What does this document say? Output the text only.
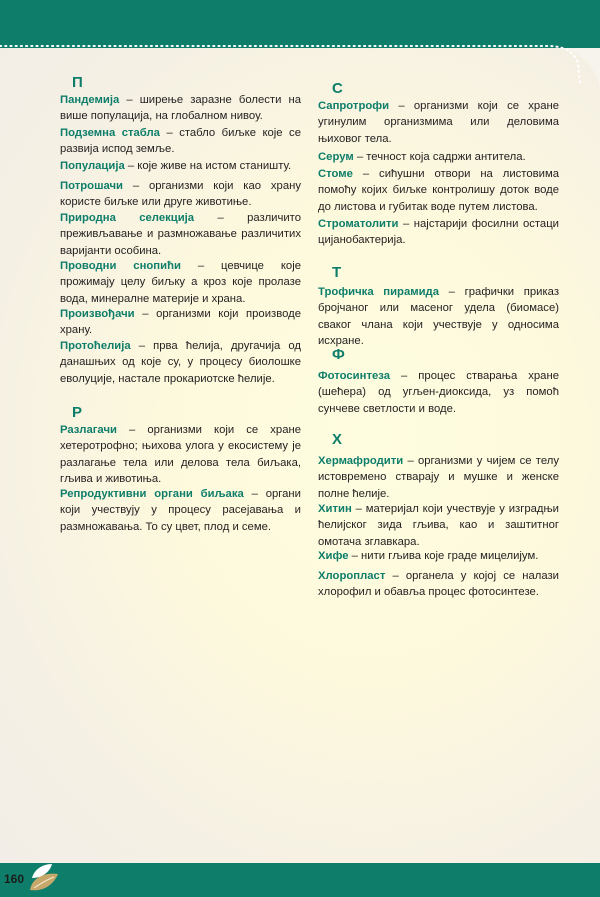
П
Пандемија – ширење заразне болести на више популација, на глобалном нивоу.
Подземна стабла – стабло биљке које се развија испод земље.
Популација – које живе на истом станишту.
Потрошачи – организми који као храну користе биљке или друге животиње.
Природна селекција – различито преживљавање и размножавање различитих варијанти особина.
Проводни снопићи – цевчице које прожимају целу биљку а кроз које пролазе вода, минералне материје и храна.
Произвођачи – организми који производе храну.
Протоћелија – прва ћелија, другачија од данашњих од које су, у процесу биолошке еволуције, настале прокариотске ћелије.
Р
Разлагачи – организми који се хране хетеротрофно; њихова улога у екосистему је разлагање тела или делова тела биљака, гљива и животиња.
Репродуктивни органи биљака – органи који учествују у процесу расејавања и размножавања. То су цвет, плод и семе.
С
Сапротрофи – организми који се хране угинулим организмима или деловима њиховог тела.
Серум – течност која садржи антитела.
Стоме – сићушни отвори на листовима помоћу којих биљке контролишу доток воде до листова и губитак воде путем листова.
Строматолити – најстарији фосилни остаци цијанобактерија.
Т
Трофичка пирамида – графички приказ бројчаног или масеног удела (биомасе) сваког члана који учествује у односима исхране.
Ф
Фотосинтеза – процес стварања хране (шећера) од угљен-диоксида, уз помоћ сунчеве светлости и воде.
Х
Хермафродити – организми у чијем се телу истовремено стварају и мушке и женске полне ћелије.
Хитин – материјал који учествује у изградњи ћелијског зида гљива, као и заштитног омотача зглавкара.
Хифе – нити гљива које граде мицелијум.
Хлоропласт – органела у којој се налази хлорофил и обавља процес фотосинтезе.
160
